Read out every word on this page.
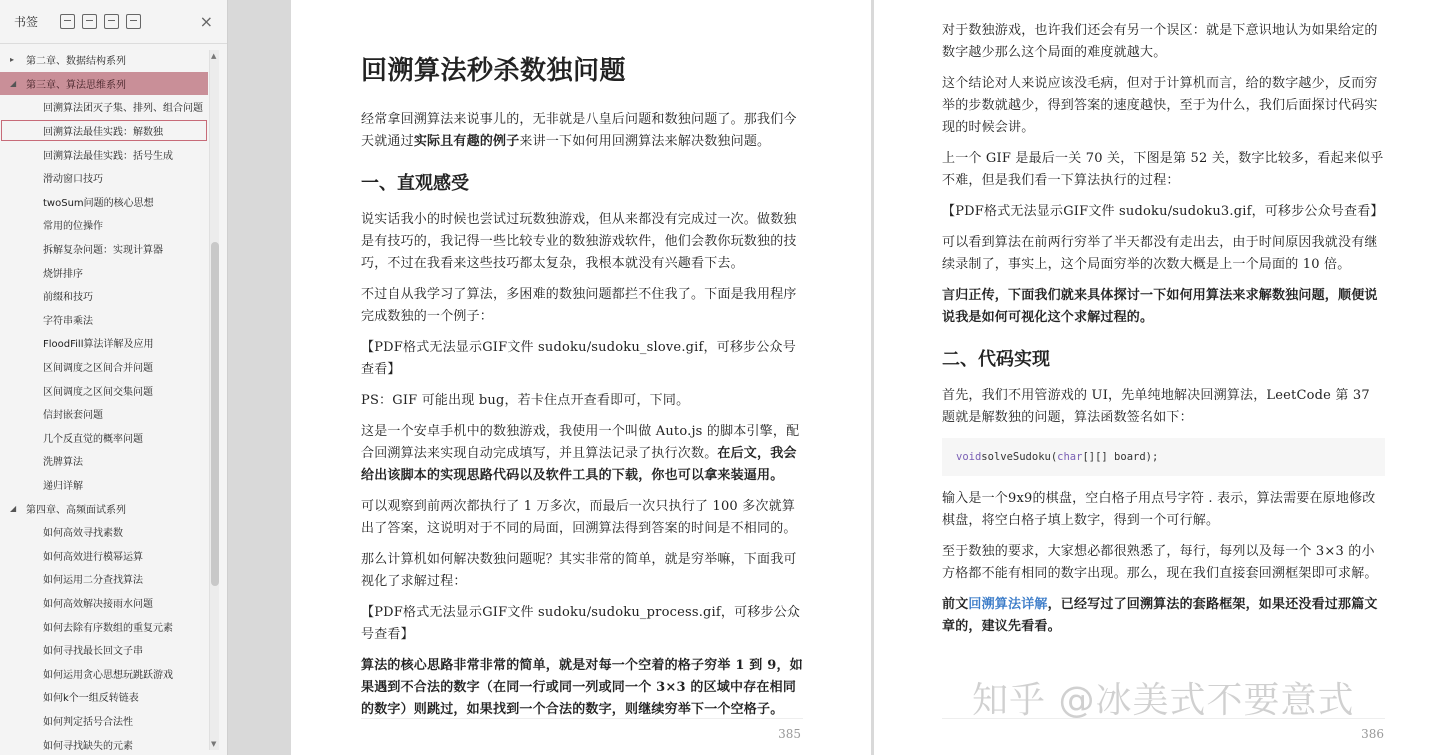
书签	×
▸	第二章、数据结构系列
◢ 第三章、算法思维系列
回溯算法团灭子集、排列、组合问题
回溯算法最佳实践：解数独
回溯算法最佳实践：括号生成
滑动窗口技巧
twoSum问题的核心思想
常用的位操作
拆解复杂问题：实现计算器
烧饼排序
前缀和技巧
字符串乘法
FloodFill算法详解及应用
区间调度之区间合并问题
区间调度之区间交集问题
信封嵌套问题
几个反直觉的概率问题
洗牌算法
递归详解
◢ 第四章、高频面试系列
如何高效寻找素数
如何高效进行模幂运算
如何运用二分查找算法
如何高效解决接雨水问题
如何去除有序数组的重复元素
如何寻找最长回文子串
如何运用贪心思想玩跳跃游戏
如何k个一组反转链表
如何判定括号合法性
如何寻找缺失的元素
▲
▼
回溯算法秒杀数独问题

经常拿回溯算法来说事儿的，无非就是八皇后问题和数独问题了。那我们今天就通过实际且有趣的例子来讲一下如何用回溯算法来解决数独问题。

一、直观感受

说实话我小的时候也尝试过玩数独游戏，但从来都没有完成过一次。做数独是有技巧的，我记得一些比较专业的数独游戏软件，他们会教你玩数独的技巧，不过在我看来这些技巧都太复杂，我根本就没有兴趣看下去。

不过自从我学习了算法，多困难的数独问题都拦不住我了。下面是我用程序完成数独的一个例子：

【PDF格式无法显示GIF文件 sudoku/sudoku_slove.gif，可移步公众号查看】

PS：GIF 可能出现 bug，若卡住点开查看即可，下同。

这是一个安卓手机中的数独游戏，我使用一个叫做 Auto.js 的脚本引擎，配合回溯算法来实现自动完成填写，并且算法记录了执行次数。在后文，我会给出该脚本的实现思路代码以及软件工具的下载，你也可以拿来装逼用。

可以观察到前两次都执行了 1 万多次，而最后一次只执行了 100 多次就算出了答案，这说明对于不同的局面，回溯算法得到答案的时间是不相同的。

那么计算机如何解决数独问题呢？其实非常的简单，就是穷举嘛，下面我可视化了求解过程：

【PDF格式无法显示GIF文件 sudoku/sudoku_process.gif，可移步公众号查看】

算法的核心思路非常非常的简单，就是对每一个空着的格子穷举 1 到 9，如果遇到不合法的数字（在同一行或同一列或同一个 3×3 的区域中存在相同的数字）则跳过，如果找到一个合法的数字，则继续穷举下一个空格子。

385

对于数独游戏，也许我们还会有另一个误区：就是下意识地认为如果给定的数字越少那么这个局面的难度就越大。

这个结论对人来说应该没毛病，但对于计算机而言，给的数字越少，反而穷举的步数就越少，得到答案的速度越快，至于为什么，我们后面探讨代码实现的时候会讲。

上一个 GIF 是最后一关 70 关，下图是第 52 关，数字比较多，看起来似乎不难，但是我们看一下算法执行的过程：

【PDF格式无法显示GIF文件 sudoku/sudoku3.gif，可移步公众号查看】

可以看到算法在前两行穷举了半天都没有走出去，由于时间原因我就没有继续录制了，事实上，这个局面穷举的次数大概是上一个局面的 10 倍。

言归正传，下面我们就来具体探讨一下如何用算法来求解数独问题，顺便说说我是如何可视化这个求解过程的。

二、代码实现

首先，我们不用管游戏的 UI，先单纯地解决回溯算法，LeetCode 第 37 题就是解数独的问题，算法函数签名如下：

void solveSudoku( char [][] board);

输入是一个9x9的棋盘，空白格子用点号字符 . 表示，算法需要在原地修改棋盘，将空白格子填上数字，得到一个可行解。

至于数独的要求，大家想必都很熟悉了，每行，每列以及每一个 3×3 的小方格都不能有相同的数字出现。那么，现在我们直接套回溯框架即可求解。

前文回溯算法详解，已经写过了回溯算法的套路框架，如果还没看过那篇文章的，建议先看看。

386
知乎 @冰美式不要意式
